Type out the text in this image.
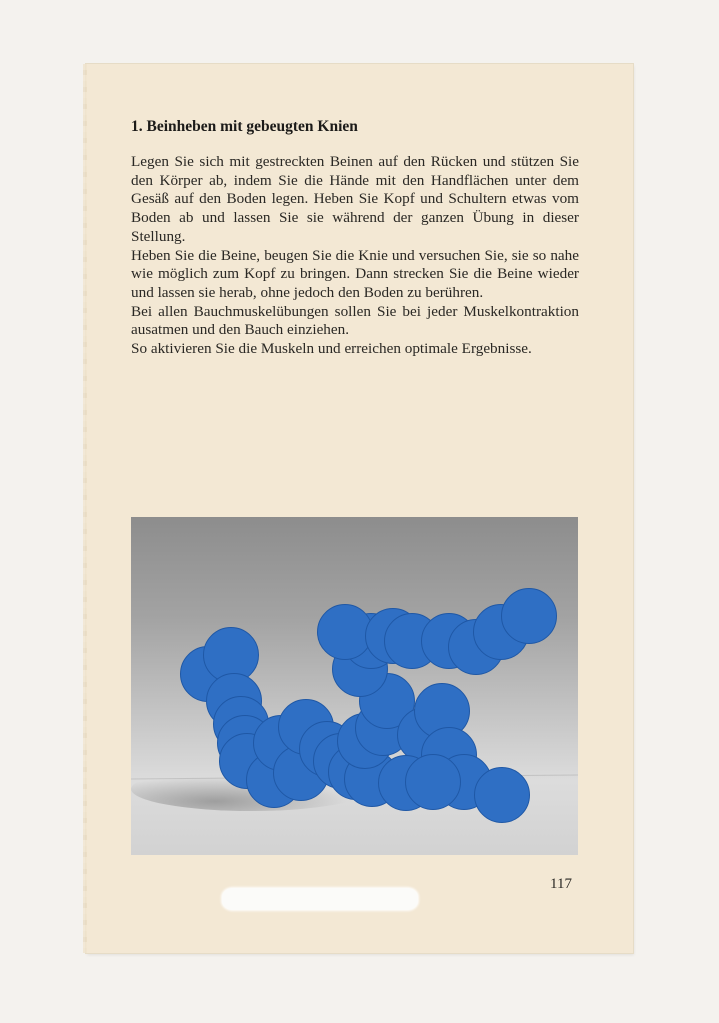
1. Beinheben mit gebeugten Knien

Legen Sie sich mit gestreckten Beinen auf den Rücken und stützen Sie den Körper ab, indem Sie die Hände mit den Handflächen unter dem Gesäß auf den Boden legen. Heben Sie Kopf und Schultern etwas vom Boden ab und lassen Sie sie während der ganzen Übung in dieser Stellung.

Heben Sie die Beine, beugen Sie die Knie und versuchen Sie, sie so nahe wie möglich zum Kopf zu bringen. Dann strecken Sie die Beine wieder und lassen sie herab, ohne jedoch den Boden zu berühren.

Bei allen Bauchmuskelübungen sollen Sie bei jeder Muskelkontraktion ausatmen und den Bauch einziehen.

So aktivieren Sie die Muskeln und erreichen optimale Ergebnisse.

117
